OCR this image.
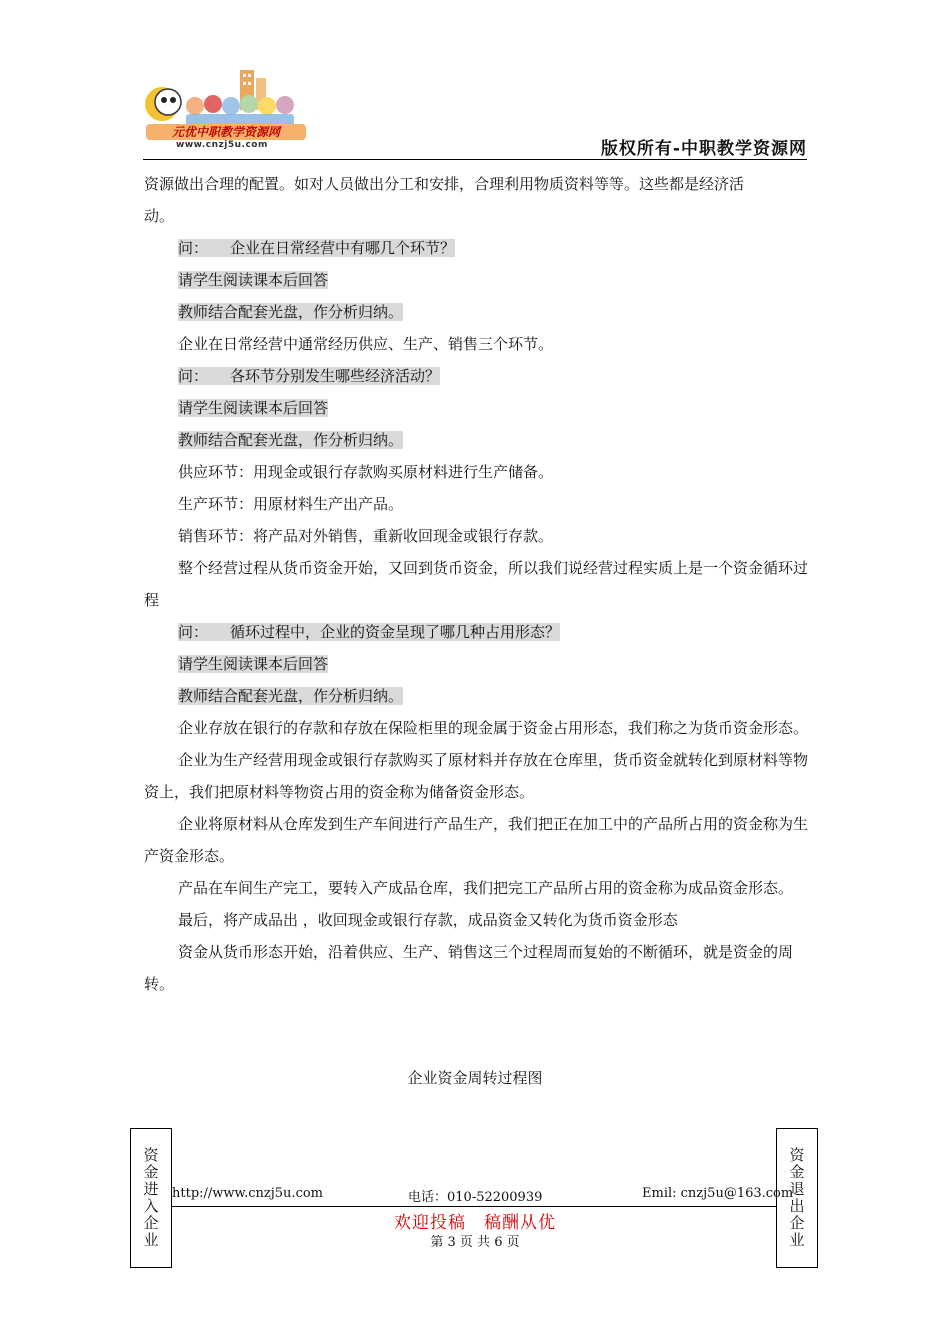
元优中职教学资源网
www.cnzj5u.com	版权所有-中职教学资源网

资源做出合理的配置。如对人员做出分工和安排，合理利用物质资料等等。这些都是经济活

动。

问： 企业在日常经营中有哪几个环节？

请学生阅读课本后回答

教师结合配套光盘，作分析归纳。

企业在日常经营中通常经历供应、生产、销售三个环节。

问： 各环节分别发生哪些经济活动？

请学生阅读课本后回答

教师结合配套光盘，作分析归纳。

供应环节：用现金或银行存款购买原材料进行生产储备。

生产环节：用原材料生产出产品。

销售环节：将产品对外销售，重新收回现金或银行存款。

整个经营过程从货币资金开始，又回到货币资金，所以我们说经营过程实质上是一个资金循环过程

问： 循环过程中，企业的资金呈现了哪几种占用形态？

请学生阅读课本后回答

教师结合配套光盘，作分析归纳。

企业存放在银行的存款和存放在保险柜里的现金属于资金占用形态，我们称之为货币资金形态。

企业为生产经营用现金或银行存款购买了原材料并存放在仓库里，货币资金就转化到原材料等物资上，我们把原材料等物资占用的资金称为储备资金形态。

企业将原材料从仓库发到生产车间进行产品生产，我们把正在加工中的产品所占用的资金称为生产资金形态。

产品在车间生产完工，要转入产成品仓库，我们把完工产品所占用的资金称为成品资金形态。

最后，将产成品出 ，收回现金或银行存款，成品资金又转化为货币资金形态

资金从货币形态开始，沿着供应、生产、销售这三个过程周而复始的不断循环，就是资金的周转。

企业资金周转过程图
资金进入企业	资金退出企业
http://www.cnzj5u.com	电话：010-52200939	Emil: cnzj5u@163.com
欢迎投稿　稿酬从优
第 3 页 共 6 页
